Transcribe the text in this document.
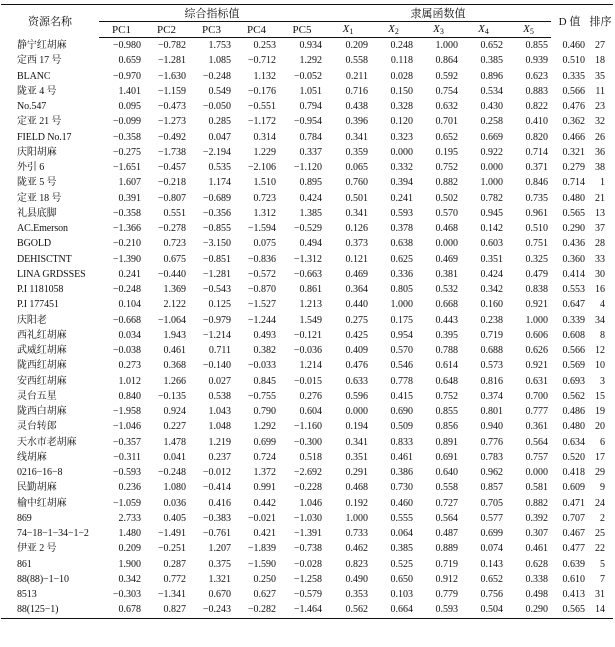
资源名称	综合指标值					隶属函数值					D 值	排序
	PC1	PC2	PC3	PC4	PC5	X1	X2	X3	X4	X5		
静宁红胡麻	−0.980	−0.782	1.753	0.253	0.934	0.209	0.248	1.000	0.652	0.855	0.460	27
定西 17 号	0.659	−1.281	1.085	−0.712	1.292	0.558	0.118	0.864	0.385	0.939	0.510	18
BLANC	−0.970	−1.630	−0.248	1.132	−0.052	0.211	0.028	0.592	0.896	0.623	0.335	35
陇亚 4 号	1.401	−1.159	0.549	−0.176	1.051	0.716	0.150	0.754	0.534	0.883	0.566	11
No.547	0.095	−0.473	−0.050	−0.551	0.794	0.438	0.328	0.632	0.430	0.822	0.476	23
定亚 21 号	−0.099	−1.273	0.285	−1.172	−0.954	0.396	0.120	0.701	0.258	0.410	0.362	32
FIELD No.17	−0.358	−0.492	0.047	0.314	0.784	0.341	0.323	0.652	0.669	0.820	0.466	26
庆阳胡麻	−0.275	−1.738	−2.194	1.229	0.337	0.359	0.000	0.195	0.922	0.714	0.321	36
外引 6	−1.651	−0.457	0.535	−2.106	−1.120	0.065	0.332	0.752	0.000	0.371	0.279	38
陇亚 5 号	1.607	−0.218	1.174	1.510	0.895	0.760	0.394	0.882	1.000	0.846	0.714	1
定亚 18 号	0.391	−0.807	−0.689	0.723	0.424	0.501	0.241	0.502	0.782	0.735	0.480	21
礼县底脚	−0.358	0.551	−0.356	1.312	1.385	0.341	0.593	0.570	0.945	0.961	0.565	13
AC.Emerson	−1.366	−0.278	−0.855	−1.594	−0.529	0.126	0.378	0.468	0.142	0.510	0.290	37
BGOLD	−0.210	0.723	−3.150	0.075	0.494	0.373	0.638	0.000	0.603	0.751	0.436	28
DEHISCTNT	−1.390	0.675	−0.851	−0.836	−1.312	0.121	0.625	0.469	0.351	0.325	0.360	33
LINA GRDSSES	0.241	−0.440	−1.281	−0.572	−0.663	0.469	0.336	0.381	0.424	0.479	0.414	30
P.I 1181058	−0.248	1.369	−0.543	−0.870	0.861	0.364	0.805	0.532	0.342	0.838	0.553	16
P.I 177451	0.104	2.122	0.125	−1.527	1.213	0.440	1.000	0.668	0.160	0.921	0.647	4
庆阳老	−0.668	−1.064	−0.979	−1.244	1.549	0.275	0.175	0.443	0.238	1.000	0.339	34
西礼红胡麻	0.034	1.943	−1.214	0.493	−0.121	0.425	0.954	0.395	0.719	0.606	0.608	8
武威红胡麻	−0.038	0.461	0.711	0.382	−0.036	0.409	0.570	0.788	0.688	0.626	0.566	12
陇西红胡麻	0.273	0.368	−0.140	−0.033	1.214	0.476	0.546	0.614	0.573	0.921	0.569	10
安西红胡麻	1.012	1.266	0.027	0.845	−0.015	0.633	0.778	0.648	0.816	0.631	0.693	3
灵台五星	0.840	−0.135	0.538	−0.755	0.276	0.596	0.415	0.752	0.374	0.700	0.562	15
陇西白胡麻	−1.958	0.924	1.043	0.790	0.604	0.000	0.690	0.855	0.801	0.777	0.486	19
灵台转郎	−1.046	0.227	1.048	1.292	−1.160	0.194	0.509	0.856	0.940	0.361	0.480	20
天水市老胡麻	−0.357	1.478	1.219	0.699	−0.300	0.341	0.833	0.891	0.776	0.564	0.634	6
线胡麻	−0.311	0.041	0.237	0.724	0.518	0.351	0.461	0.691	0.783	0.757	0.520	17
0216−16−8	−0.593	−0.248	−0.012	1.372	−2.692	0.291	0.386	0.640	0.962	0.000	0.418	29
民勤胡麻	0.236	1.080	−0.414	0.991	−0.228	0.468	0.730	0.558	0.857	0.581	0.609	9
榆中红胡麻	−1.059	0.036	0.416	0.442	1.046	0.192	0.460	0.727	0.705	0.882	0.471	24
869	2.733	0.405	−0.383	−0.021	−1.030	1.000	0.555	0.564	0.577	0.392	0.707	2
74−18−1−34−1−2	1.480	−1.491	−0.761	0.421	−1.391	0.733	0.064	0.487	0.699	0.307	0.467	25
伊亚 2 号	0.209	−0.251	1.207	−1.839	−0.738	0.462	0.385	0.889	0.074	0.461	0.477	22
861	1.900	0.287	0.375	−1.590	−0.028	0.823	0.525	0.719	0.143	0.628	0.639	5
88(88)−1−10	0.342	0.772	1.321	0.250	−1.258	0.490	0.650	0.912	0.652	0.338	0.610	7
8513	−0.303	−1.341	0.670	0.627	−0.579	0.353	0.103	0.779	0.756	0.498	0.413	31
88(125−1)	0.678	0.827	−0.243	−0.282	−1.464	0.562	0.664	0.593	0.504	0.290	0.565	14
